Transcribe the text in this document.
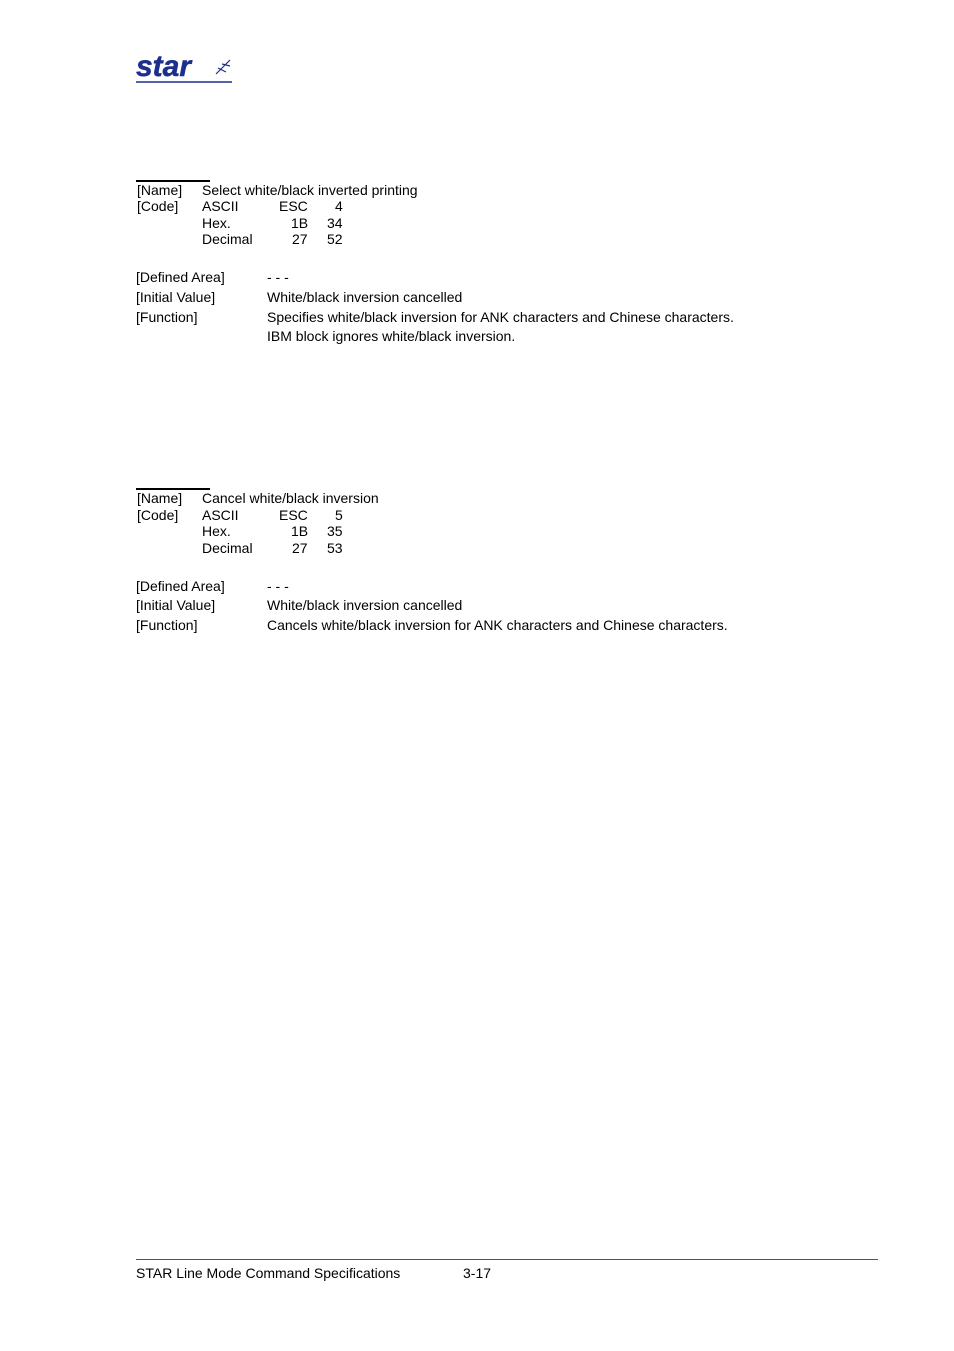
star
[Name] Select white/black inverted printing
[Code] ASCII	ESC 4
Hex.	1B 34
Decimal	27 52
[Defined Area]	- - -
[Initial Value]	White/black inversion cancelled
[Function]	Specifies white/black inversion for ANK characters and Chinese characters.
IBM block ignores white/black inversion.
[Name] Cancel white/black inversion
[Code] ASCII	ESC 5
Hex.	1B 35
Decimal	27 53
[Defined Area]	- - -
[Initial Value]	White/black inversion cancelled
[Function]	Cancels white/black inversion for ANK characters and Chinese characters.
STAR Line Mode Command Specifications	3-17
